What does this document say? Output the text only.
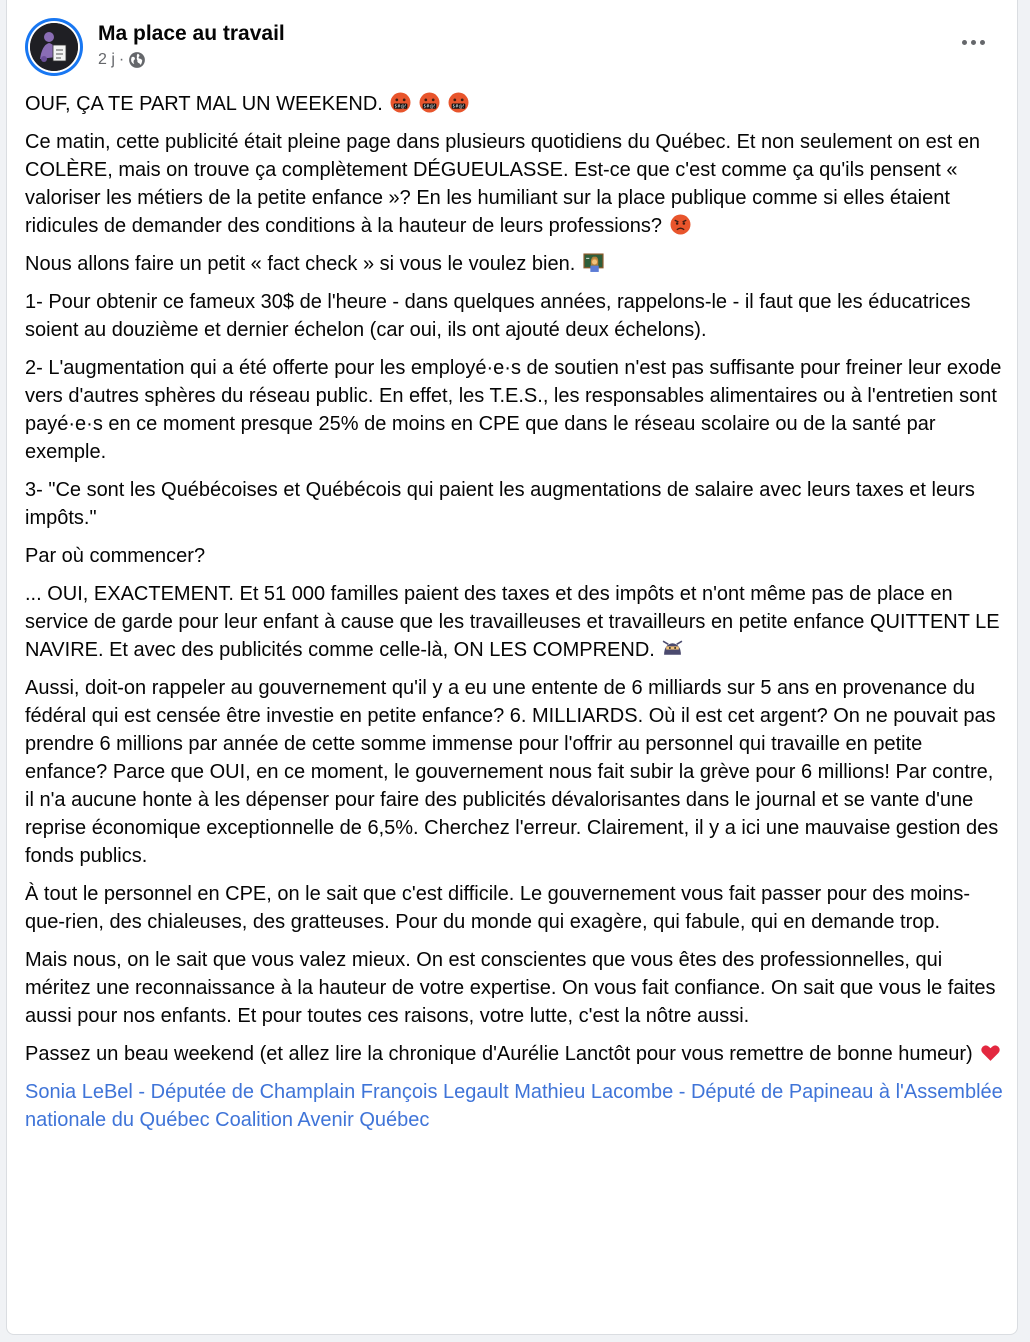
Ma place au travail
2 j ·

OUF, ÇA TE PART MAL UN WEEKEND.	$#@!
	$#@!
	$#@!

Ce matin, cette publicité était pleine page dans plusieurs quotidiens du Québec. Et non seulement on est en COLÈRE, mais on trouve ça complètement DÉGUEULASSE. Est-ce que c'est comme ça qu'ils pensent « valoriser les métiers de la petite enfance »? En les humiliant sur la place publique comme si elles étaient ridicules de demander des conditions à la hauteur de leurs professions?

Nous allons faire un petit « fact check » si vous le voulez bien.

1- Pour obtenir ce fameux 30$ de l'heure - dans quelques années, rappelons-le - il faut que les éducatrices soient au douzième et dernier échelon (car oui, ils ont ajouté deux échelons).

2- L'augmentation qui a été offerte pour les employé·e·s de soutien n'est pas suffisante pour freiner leur exode vers d'autres sphères du réseau public. En effet, les T.E.S., les responsables alimentaires ou à l'entretien sont payé·e·s en ce moment presque 25% de moins en CPE que dans le réseau scolaire ou de la santé par exemple.

3- "Ce sont les Québécoises et Québécois qui paient les augmentations de salaire avec leurs taxes et leurs impôts."

Par où commencer?

... OUI, EXACTEMENT. Et 51 000 familles paient des taxes et des impôts et n'ont même pas de place en service de garde pour leur enfant à cause que les travailleuses et travailleurs en petite enfance QUITTENT LE NAVIRE. Et avec des publicités comme celle-là, ON LES COMPREND.

Aussi, doit-on rappeler au gouvernement qu'il y a eu une entente de 6 milliards sur 5 ans en provenance du fédéral qui est censée être investie en petite enfance? 6. MILLIARDS. Où il est cet argent? On ne pouvait pas prendre 6 millions par année de cette somme immense pour l'offrir au personnel qui travaille en petite enfance? Parce que OUI, en ce moment, le gouvernement nous fait subir la grève pour 6 millions! Par contre, il n'a aucune honte à les dépenser pour faire des publicités dévalorisantes dans le journal et se vante d'une reprise économique exceptionnelle de 6,5%. Cherchez l'erreur. Clairement, il y a ici une mauvaise gestion des fonds publics.

À tout le personnel en CPE, on le sait que c'est difficile. Le gouvernement vous fait passer pour des moins-que-rien, des chialeuses, des gratteuses. Pour du monde qui exagère, qui fabule, qui en demande trop.

Mais nous, on le sait que vous valez mieux. On est conscientes que vous êtes des professionnelles, qui méritez une reconnaissance à la hauteur de votre expertise. On vous fait confiance. On sait que vous le faites aussi pour nos enfants. Et pour toutes ces raisons, votre lutte, c'est la nôtre aussi.

Passez un beau weekend (et allez lire la chronique d'Aurélie Lanctôt pour vous remettre de bonne humeur)

Sonia LeBel - Députée de Champlain François Legault Mathieu Lacombe - Député de Papineau à l'Assemblée nationale du Québec Coalition Avenir Québec
